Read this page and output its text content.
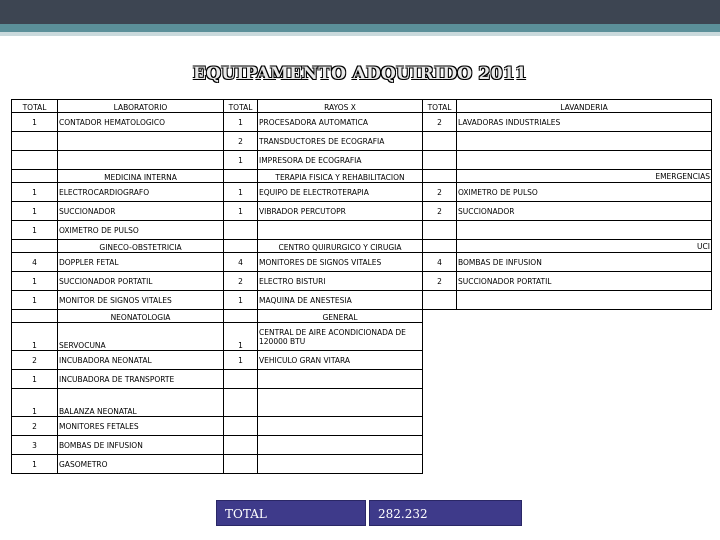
EQUIPAMENTO ADQUIRIDO 2011
TOTAL	LABORATORIO	TOTAL	RAYOS X	TOTAL	LAVANDERIA
1	CONTADOR HEMATOLOGICO	1	PROCESADORA AUTOMATICA	2	LAVADORAS INDUSTRIALES
		2	TRANSDUCTORES DE ECOGRAFIA		
		1	IMPRESORA DE ECOGRAFIA		
	MEDICINA INTERNA		TERAPIA FISICA Y REHABILITACION		EMERGENCIAS
1	ELECTROCARDIOGRAFO	1	EQUIPO DE ELECTROTERAPIA	2	OXIMETRO DE PULSO
1	SUCCIONADOR	1	VIBRADOR PERCUTOPR	2	SUCCIONADOR
1	OXIMETRO DE PULSO				
	GINECO-OBSTETRICIA		CENTRO QUIRURGICO Y CIRUGIA		UCI
4	DOPPLER FETAL	4	MONITORES DE SIGNOS VITALES	4	BOMBAS DE INFUSION
1	SUCCIONADOR PORTATIL	2	ELECTRO BISTURI	2	SUCCIONADOR PORTATIL
1	MONITOR DE SIGNOS VITALES	1	MAQUINA DE ANESTESIA		
	NEONATOLOGIA		GENERAL		
1	SERVOCUNA	1	CENTRAL DE AIRE ACONDICIONADA DE 120000 BTU		
2	INCUBADORA NEONATAL	1	VEHICULO GRAN VITARA		
1	INCUBADORA DE TRANSPORTE				
1	BALANZA NEONATAL				
2	MONITORES FETALES				
3	BOMBAS DE INFUSION				
1	GASOMETRO				
TOTAL	282.232
